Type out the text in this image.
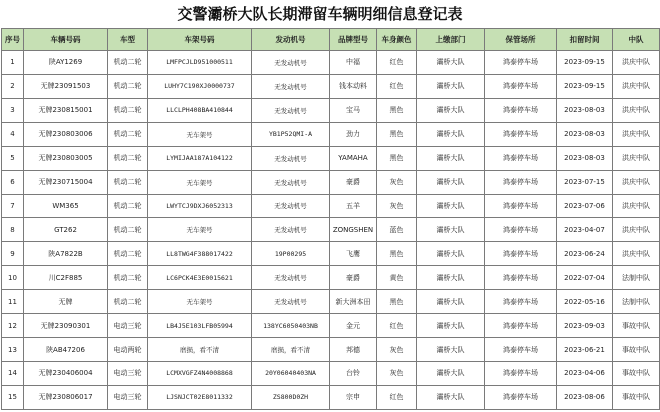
交警灞桥大队长期滞留车辆明细信息登记表
序号	车辆号码	车型	车架号码	发动机号	品牌型号	车身颜色	上缴部门	保管场所	扣留时间	中队
1	陕AY1269	机动二轮	LMFPCJLD951000511	无发动机号	中福	红色	灞桥大队	鸿泰停车场	2023-09-15	洪庆中队
2	无牌23091503	机动二轮	LUHY7C190XJ0000737	无发动机号	钱本动料	红色	灞桥大队	鸿泰停车场	2023-09-15	洪庆中队
3	无牌230815001	机动二轮	LLCLPH408BA410844	无发动机号	宝马	黑色	灞桥大队	鸿泰停车场	2023-08-03	洪庆中队
4	无牌230803006	机动二轮	无车架号	YB1P52QMI-A	劲力	黑色	灞桥大队	鸿泰停车场	2023-08-03	洪庆中队
5	无牌230803005	机动二轮	LYMIJAA187A104122	无发动机号	YAMAHA	黑色	灞桥大队	鸿泰停车场	2023-08-03	洪庆中队
6	无牌230715004	机动二轮	无车架号	无发动机号	豪爵	灰色	灞桥大队	鸿泰停车场	2023-07-15	洪庆中队
7	WM365	机动二轮	LWYTCJ9DXJ6052313	无发动机号	五羊	灰色	灞桥大队	鸿泰停车场	2023-07-06	洪庆中队
8	GT262	机动二轮	无车架号	无发动机号	ZONGSHEN	蓝色	灞桥大队	鸿泰停车场	2023-04-07	洪庆中队
9	陕A7822B	机动二轮	LL8TWG4F388017422	19P00295	飞鹰	黑色	灞桥大队	鸿泰停车场	2023-06-24	洪庆中队
10	川C2F885	机动二轮	LC6PCK4E3E0015621	无发动机号	豪爵	黄色	灞桥大队	鸿泰停车场	2022-07-04	法制中队
11	无牌	机动二轮	无车架号	无发动机号	新大洲本田	黑色	灞桥大队	鸿泰停车场	2022-05-16	法制中队
12	无牌23090301	电动三轮	LB4J5E103LFB05994	138YC6050403NB	金元	红色	灞桥大队	鸿泰停车场	2023-09-03	事故中队
13	陕AB47206	电动两轮	磨损，看不清	磨损，看不清	邦德	灰色	灞桥大队	鸿泰停车场	2023-06-21	事故中队
14	无牌230406004	电动三轮	LCMXVGFZ4N4008868	20Y06040403NA	台铃	灰色	灞桥大队	鸿泰停车场	2023-04-06	事故中队
15	无牌230806017	电动三轮	LJSNJCT02E8011332	ZS800D0ZH	宗申	红色	灞桥大队	鸿泰停车场	2023-08-06	事故中队
